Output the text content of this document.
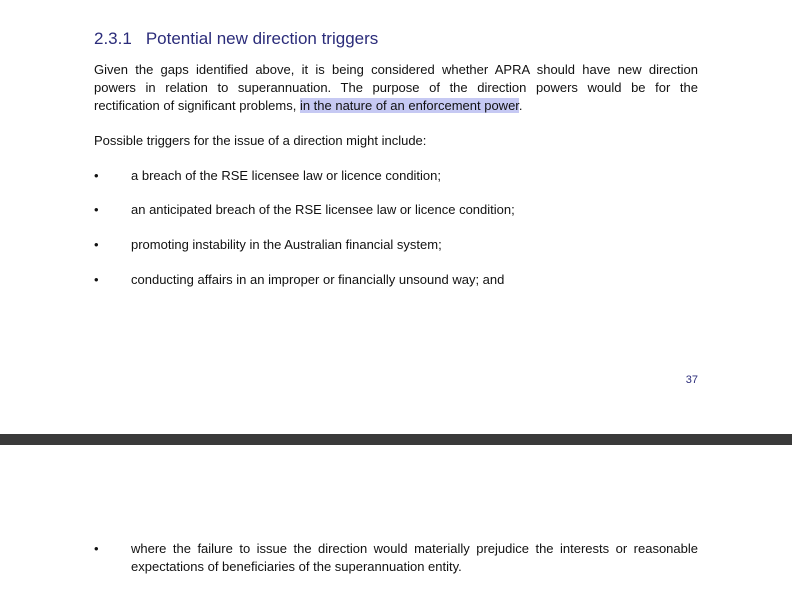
2.3.1 Potential new direction triggers
Given the gaps identified above, it is being considered whether APRA should have new direction
powers in relation to superannuation. The purpose of the direction powers would be for the
rectification of significant problems, in the nature of an enforcement power.
Possible triggers for the issue of a direction might include:
•	a breach of the RSE licensee law or licence condition;
•	an anticipated breach of the RSE licensee law or licence condition;
•	promoting instability in the Australian financial system;
•	conducting affairs in an improper or financially unsound way; and
37
•	where the failure to issue the direction would materially prejudice the interests or reasonable
expectations of beneficiaries of the superannuation entity.
